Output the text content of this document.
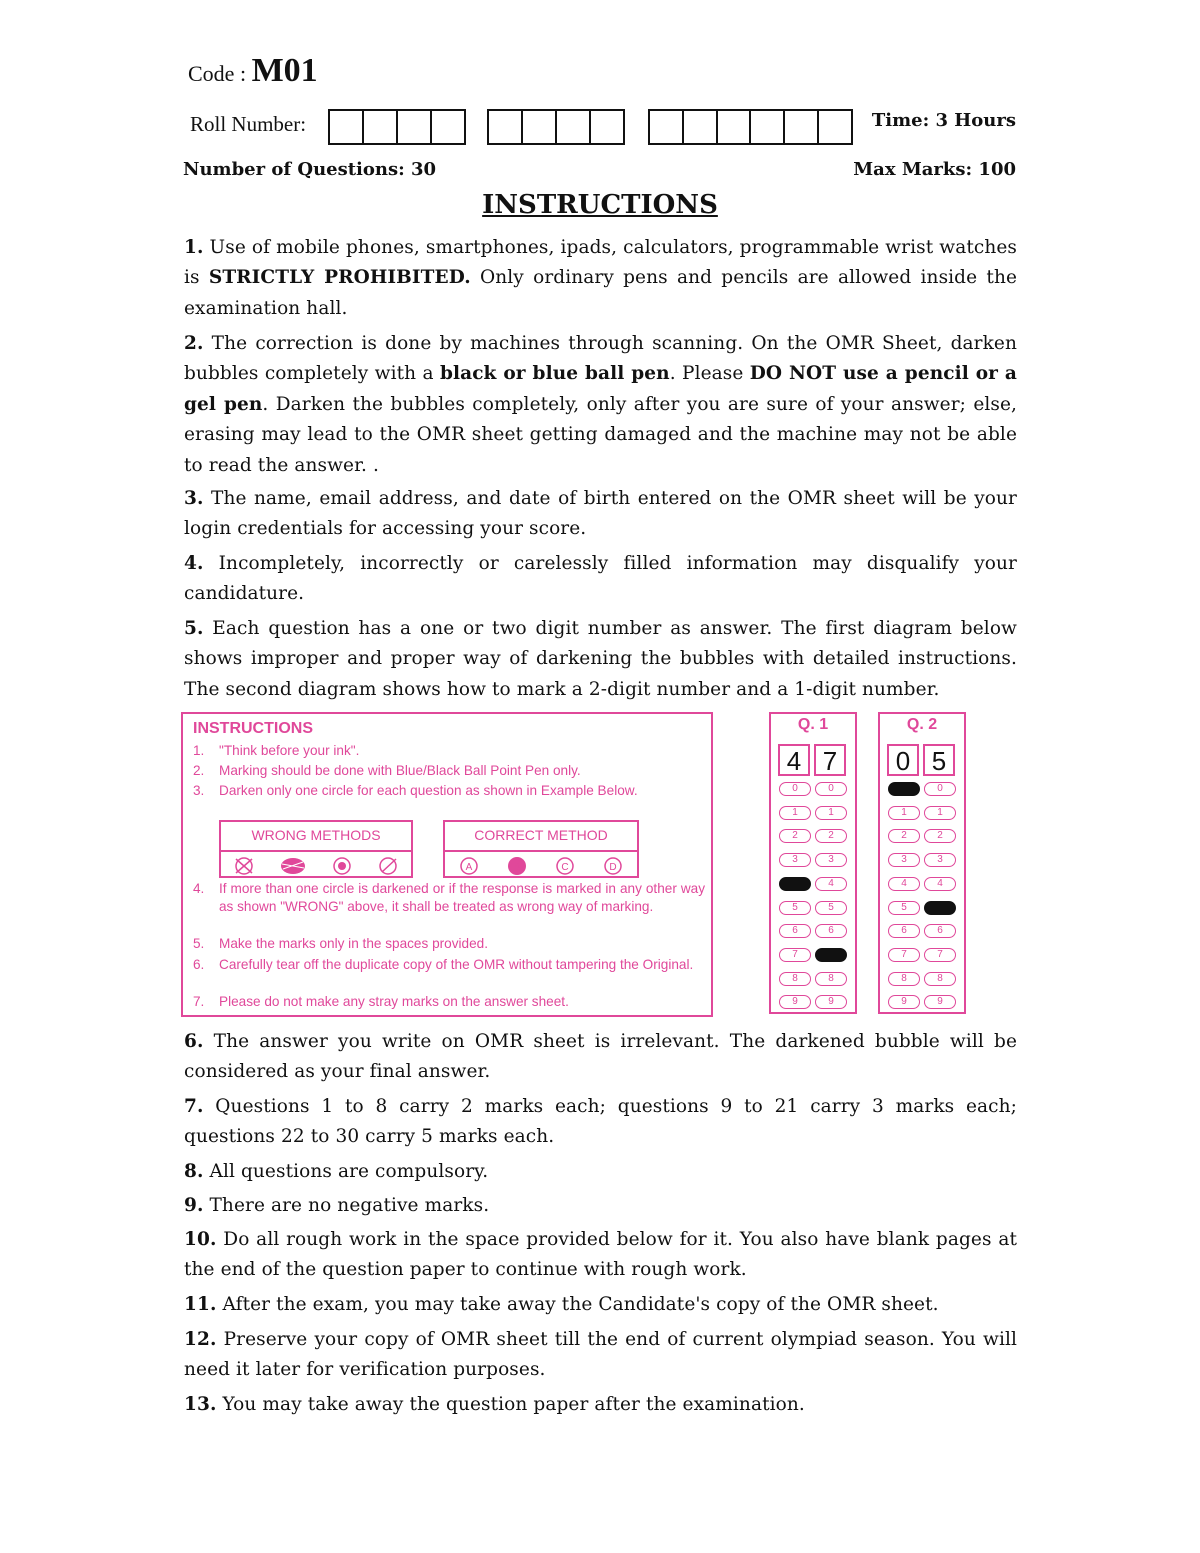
Code : M01
Roll Number:	Time: 3 Hours
Number of Questions: 30	Max Marks: 100
INSTRUCTIONS
1. Use of mobile phones, smartphones, ipads, calculators, programmable wrist watches is STRICTLY PROHIBITED. Only ordinary pens and pencils are allowed inside the examination hall.
2. The correction is done by machines through scanning. On the OMR Sheet, darken bubbles completely with a black or blue ball pen. Please DO NOT use a pencil or a gel pen. Darken the bubbles completely, only after you are sure of your answer; else, erasing may lead to the OMR sheet getting damaged and the machine may not be able to read the answer. .
3. The name, email address, and date of birth entered on the OMR sheet will be your login credentials for accessing your score.
4. Incompletely, incorrectly or carelessly filled information may disqualify your candidature.
5. Each question has a one or two digit number as answer. The first diagram below shows improper and proper way of darkening the bubbles with detailed instructions. The second diagram shows how to mark a 2-digit number and a 1-digit number.
INSTRUCTIONS
1. "Think before your ink".
2. Marking should be done with Blue/Black Ball Point Pen only.
3. Darken only one circle for each question as shown in Example Below.
WRONG METHODS	CORRECT METHOD
A	B	C	D
4. If more than one circle is darkened or if the response is marked in any other way as shown "WRONG" above, it shall be treated as wrong way of marking.
5. Make the marks only in the spaces provided.
6. Carefully tear off the duplicate copy of the OMR without tampering the Original.
7. Please do not make any stray marks on the answer sheet.
Q. 1
4 7
0	0
1	1
2	2
3	3
4
5	5
6	6
7
8	8
9	9
Q. 2
0 5
0
1	1
2	2
3	3
4	4
5
6	6
7	7
8	8
9	9
6. The answer you write on OMR sheet is irrelevant. The darkened bubble will be considered as your final answer.
7. Questions 1 to 8 carry 2 marks each; questions 9 to 21 carry 3 marks each; questions 22 to 30 carry 5 marks each.
8. All questions are compulsory.
9. There are no negative marks.
10. Do all rough work in the space provided below for it. You also have blank pages at the end of the question paper to continue with rough work.
11. After the exam, you may take away the Candidate's copy of the OMR sheet.
12. Preserve your copy of OMR sheet till the end of current olympiad season. You will need it later for verification purposes.
13. You may take away the question paper after the examination.
